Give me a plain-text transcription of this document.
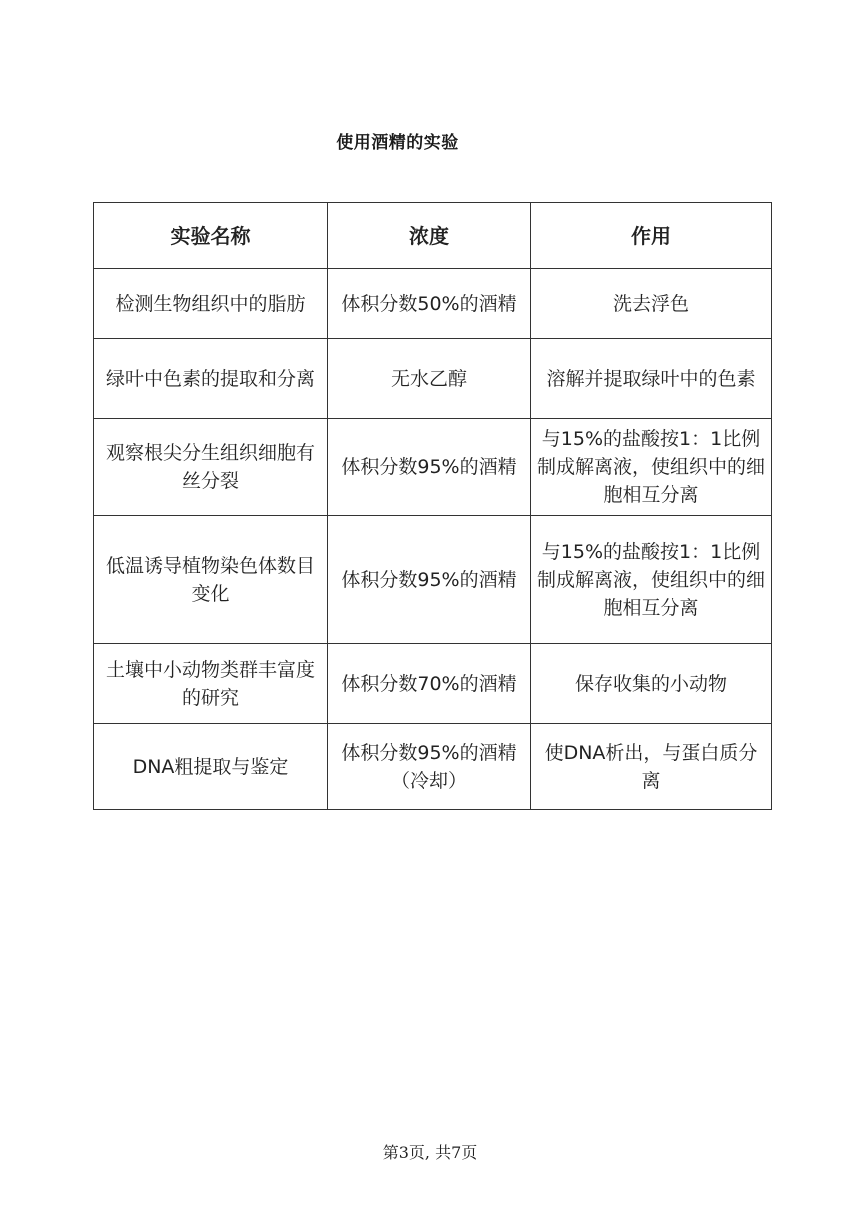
使用酒精的实验
实验名称	浓度	作用
检测生物组织中的脂肪	体积分数50%的酒精	洗去浮色
绿叶中色素的提取和分离	无水乙醇	溶解并提取绿叶中的色素
观察根尖分生组织细胞有丝分裂	体积分数95%的酒精	与15%的盐酸按1：1比例制成解离液，使组织中的细胞相互分离
低温诱导植物染色体数目变化	体积分数95%的酒精	与15%的盐酸按1：1比例制成解离液，使组织中的细胞相互分离
土壤中小动物类群丰富度的研究	体积分数70%的酒精	保存收集的小动物
DNA粗提取与鉴定	体积分数95%的酒精（冷却）	使DNA析出，与蛋白质分离
第3页, 共7页
